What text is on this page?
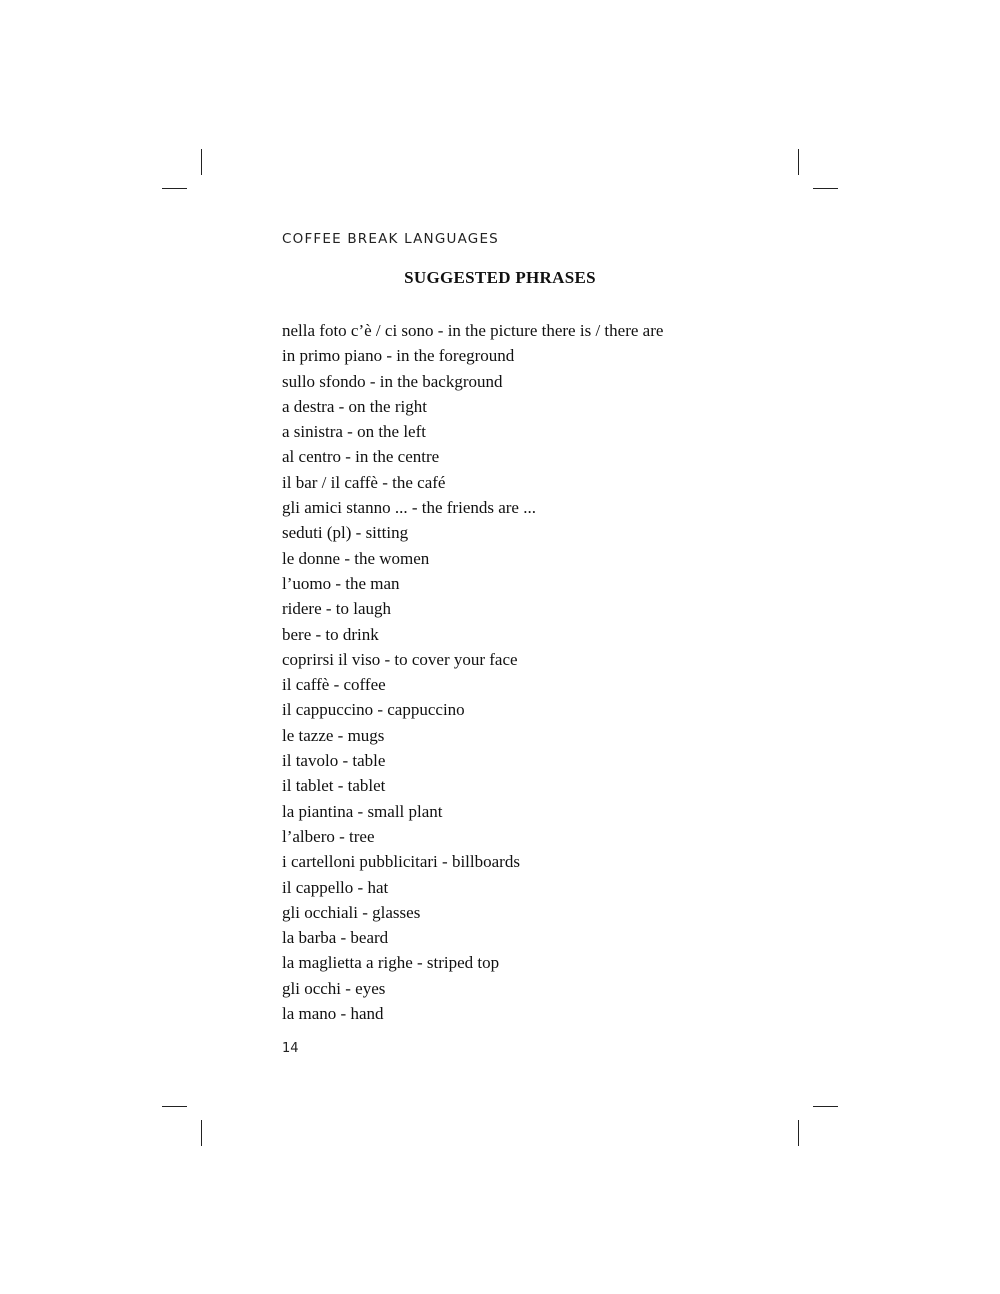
COFFEE BREAK LANGUAGES
SUGGESTED PHRASES
nella foto c’è / ci sono - in the picture there is / there are
in primo piano - in the foreground
sullo sfondo - in the background
a destra - on the right
a sinistra - on the left
al centro - in the centre
il bar / il caffè - the café
gli amici stanno ... - the friends are ...
seduti (pl) - sitting
le donne - the women
l’uomo - the man
ridere - to laugh
bere - to drink
coprirsi il viso - to cover your face
il caffè - coffee
il cappuccino - cappuccino
le tazze - mugs
il tavolo - table
il tablet - tablet
la piantina - small plant
l’albero - tree
i cartelloni pubblicitari - billboards
il cappello - hat
gli occhiali - glasses
la barba - beard
la maglietta a righe - striped top
gli occhi - eyes
la mano - hand
14
